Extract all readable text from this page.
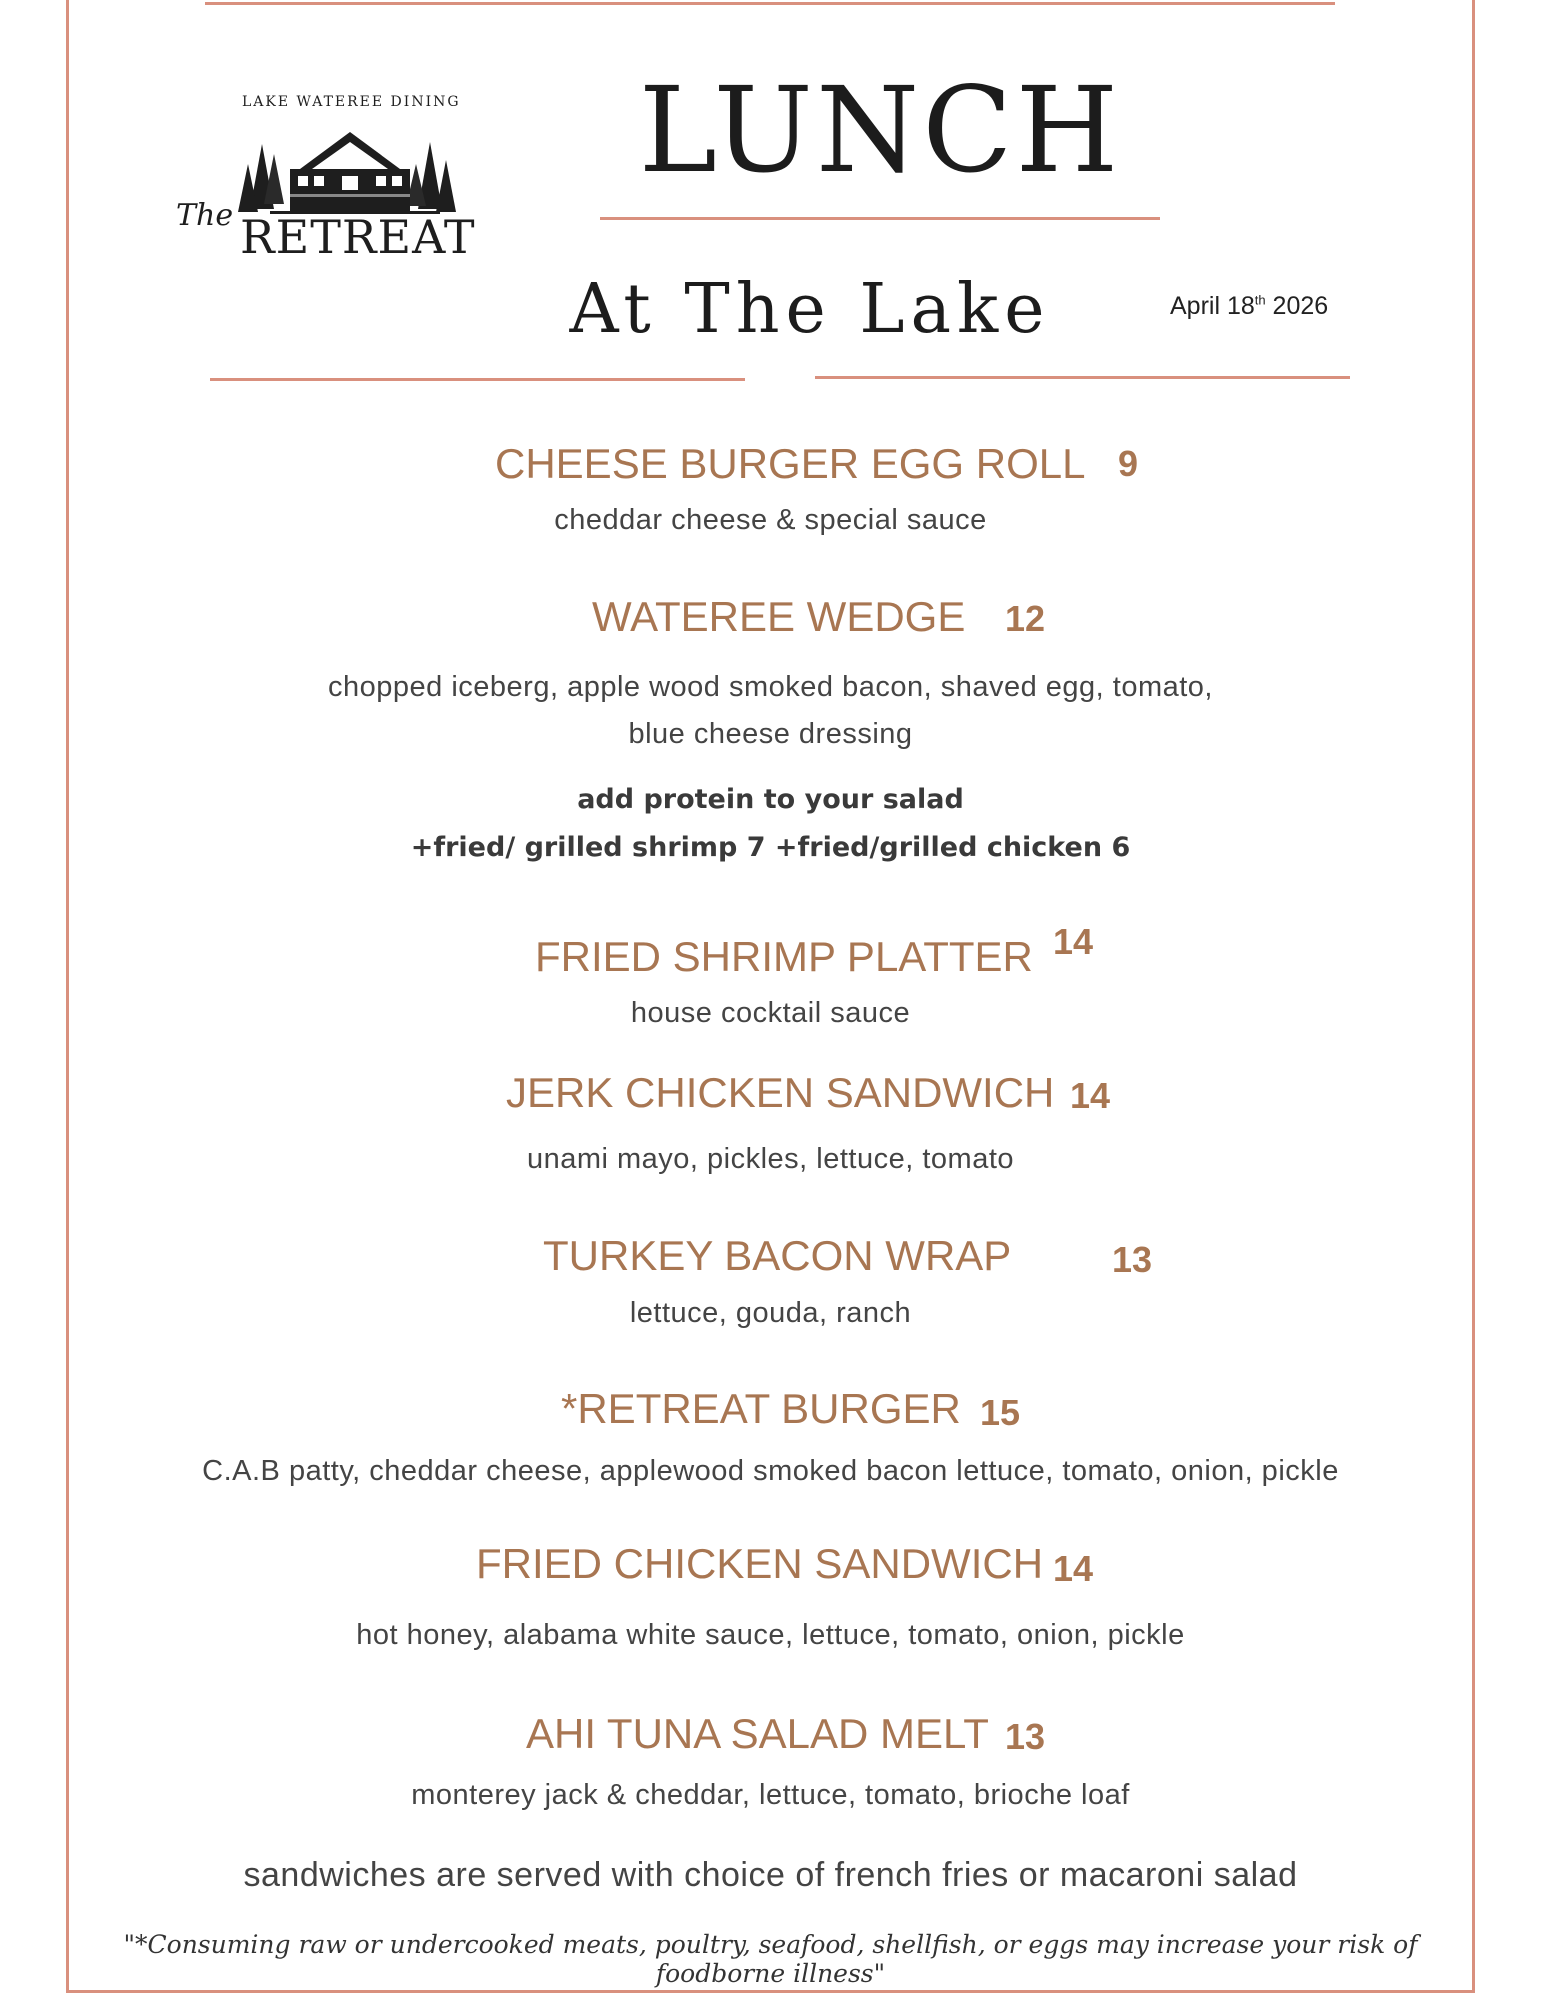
LAKE WATEREE DINING
The RETREAT
LUNCH
At The Lake	April 18th 2026
CHEESE BURGER EGG ROLL 9
cheddar cheese & special sauce
WATEREE WEDGE 12
chopped iceberg, apple wood smoked bacon, shaved egg, tomato,
blue cheese dressing
add protein to your salad
+fried/ grilled shrimp 7 +fried/grilled chicken 6
FRIED SHRIMP PLATTER 14
house cocktail sauce
JERK CHICKEN SANDWICH 14
unami mayo, pickles, lettuce, tomato
TURKEY BACON WRAP	13
lettuce, gouda, ranch
*RETREAT BURGER 15
C.A.B patty, cheddar cheese, applewood smoked bacon lettuce, tomato, onion, pickle
FRIED CHICKEN SANDWICH 14
hot honey, alabama white sauce, lettuce, tomato, onion, pickle
AHI TUNA SALAD MELT 13
monterey jack & cheddar, lettuce, tomato, brioche loaf
sandwiches are served with choice of french fries or macaroni salad
"*Consuming raw or undercooked meats, poultry, seafood, shellfish, or eggs may increase your risk of foodborne illness"
